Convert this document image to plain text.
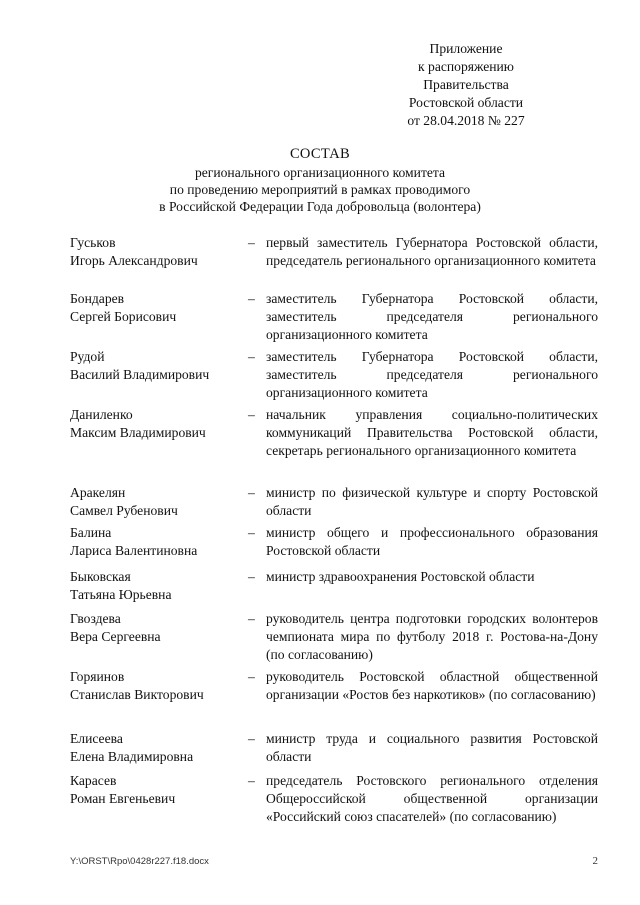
Приложение
к распоряжению
Правительства
Ростовской области
от 28.04.2018 № 227
СОСТАВ
регионального организационного комитета
по проведению мероприятий в рамках проводимого
в Российской Федерации Года добровольца (волонтера)
Гуськов
Игорь Александрович
– первый заместитель Губернатора Ростовской области, председатель регионального организационного комитета
Бондарев
Сергей Борисович
– заместитель Губернатора Ростовской области, заместитель председателя регионального организационного комитета
Рудой
Василий Владимирович
– заместитель Губернатора Ростовской области, заместитель председателя регионального организационного комитета
Даниленко
Максим Владимирович
– начальник управления социально-политических коммуникаций Правительства Ростовской области, секретарь регионального организационного комитета
Аракелян
Самвел Рубенович
– министр по физической культуре и спорту Ростовской области
Балина
Лариса Валентиновна
– министр общего и профессионального образования Ростовской области
Быковская
Татьяна Юрьевна
– министр здравоохранения Ростовской области
Гвоздева
Вера Сергеевна
– руководитель центра подготовки городских волонтеров чемпионата мира по футболу 2018 г. Ростова-на-Дону (по согласованию)
Горяинов
Станислав Викторович
– руководитель Ростовской областной общественной организации «Ростов без наркотиков» (по согласованию)
Елисеева
Елена Владимировна
– министр труда и социального развития Ростовской области
Карасев
Роман Евгеньевич
– председатель Ростовского регионального отделения Общероссийской общественной организации «Российский союз спасателей» (по согласованию)
Y:\ORST\Rpo\0428r227.f18.docx	2
